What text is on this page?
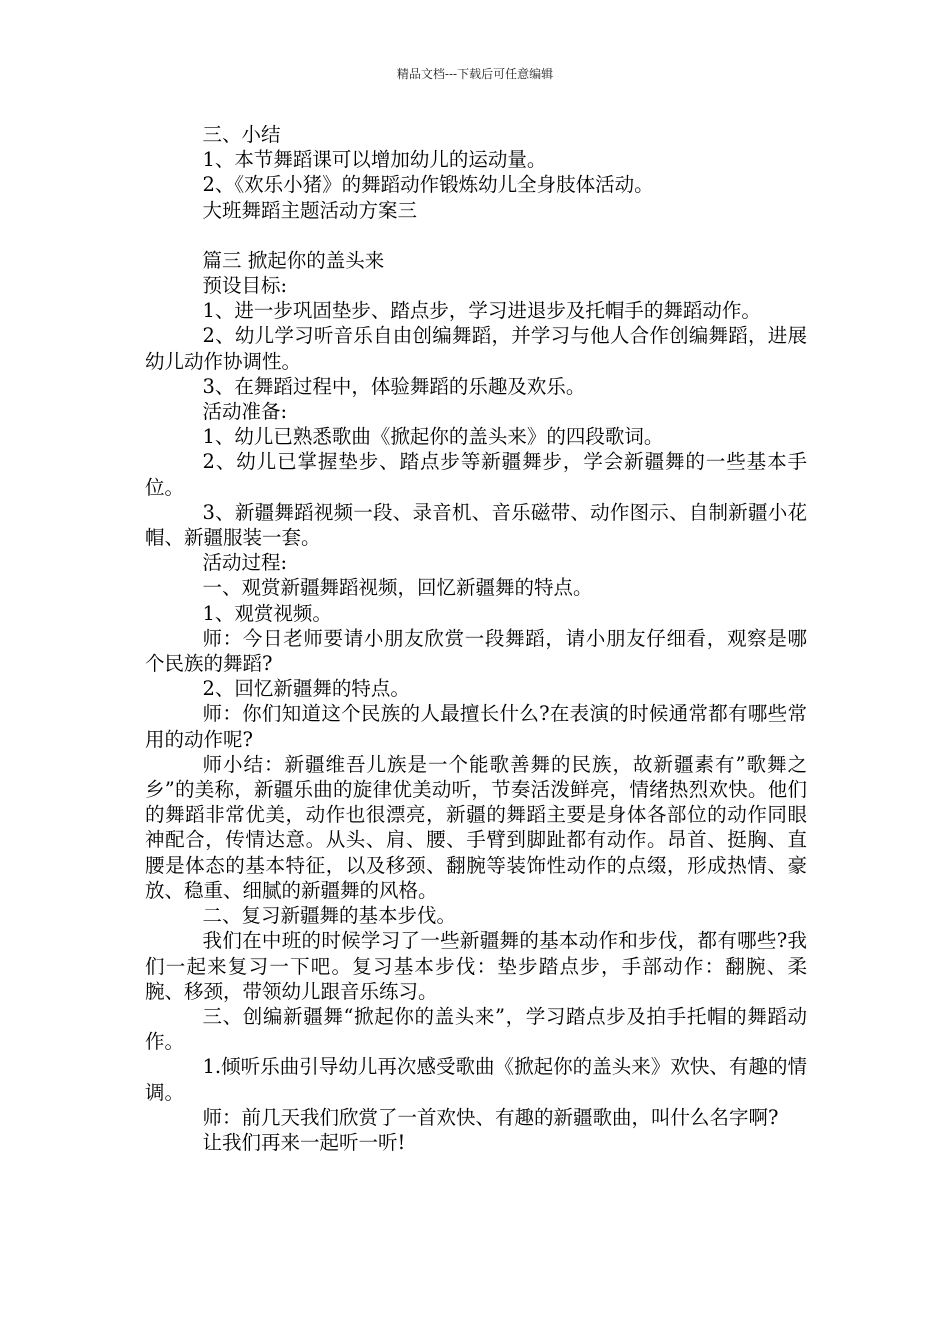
精品文档---下载后可任意编辑

三、小结

1、本节舞蹈课可以增加幼儿的运动量。

2、《欢乐小猪》的舞蹈动作锻炼幼儿全身肢体活动。

大班舞蹈主题活动方案三

篇三 掀起你的盖头来

预设目标:

1、进一步巩固垫步、踏点步，学习进退步及托帽手的舞蹈动作。

2、幼儿学习听音乐自由创编舞蹈，并学习与他人合作创编舞蹈，进展幼儿动作协调性。

3、在舞蹈过程中，体验舞蹈的乐趣及欢乐。

活动准备:

1、幼儿已熟悉歌曲《掀起你的盖头来》的四段歌词。

2、幼儿已掌握垫步、踏点步等新疆舞步，学会新疆舞的一些基本手位。

3、新疆舞蹈视频一段、录音机、音乐磁带、动作图示、自制新疆小花帽、新疆服装一套。

活动过程:

一、观赏新疆舞蹈视频，回忆新疆舞的特点。

1、观赏视频。

师：今日老师要请小朋友欣赏一段舞蹈，请小朋友仔细看，观察是哪个民族的舞蹈?

2、回忆新疆舞的特点。

师：你们知道这个民族的人最擅长什么?在表演的时候通常都有哪些常用的动作呢?

师小结：新疆维吾儿族是一个能歌善舞的民族，故新疆素有”歌舞之乡”的美称，新疆乐曲的旋律优美动听，节奏活泼鲜亮，情绪热烈欢快。他们的舞蹈非常优美，动作也很漂亮，新疆的舞蹈主要是身体各部位的动作同眼神配合，传情达意。从头、肩、腰、手臂到脚趾都有动作。昂首、挺胸、直腰是体态的基本特征，以及移颈、翻腕等装饰性动作的点缀，形成热情、豪放、稳重、细腻的新疆舞的风格。

二、复习新疆舞的基本步伐。

我们在中班的时候学习了一些新疆舞的基本动作和步伐，都有哪些?我们一起来复习一下吧。复习基本步伐：垫步踏点步，手部动作：翻腕、柔腕、移颈，带领幼儿跟音乐练习。

三、创编新疆舞“掀起你的盖头来”，学习踏点步及拍手托帽的舞蹈动作。

1.倾听乐曲引导幼儿再次感受歌曲《掀起你的盖头来》欢快、有趣的情调。

师：前几天我们欣赏了一首欢快、有趣的新疆歌曲，叫什么名字啊?

让我们再来一起听一听!
